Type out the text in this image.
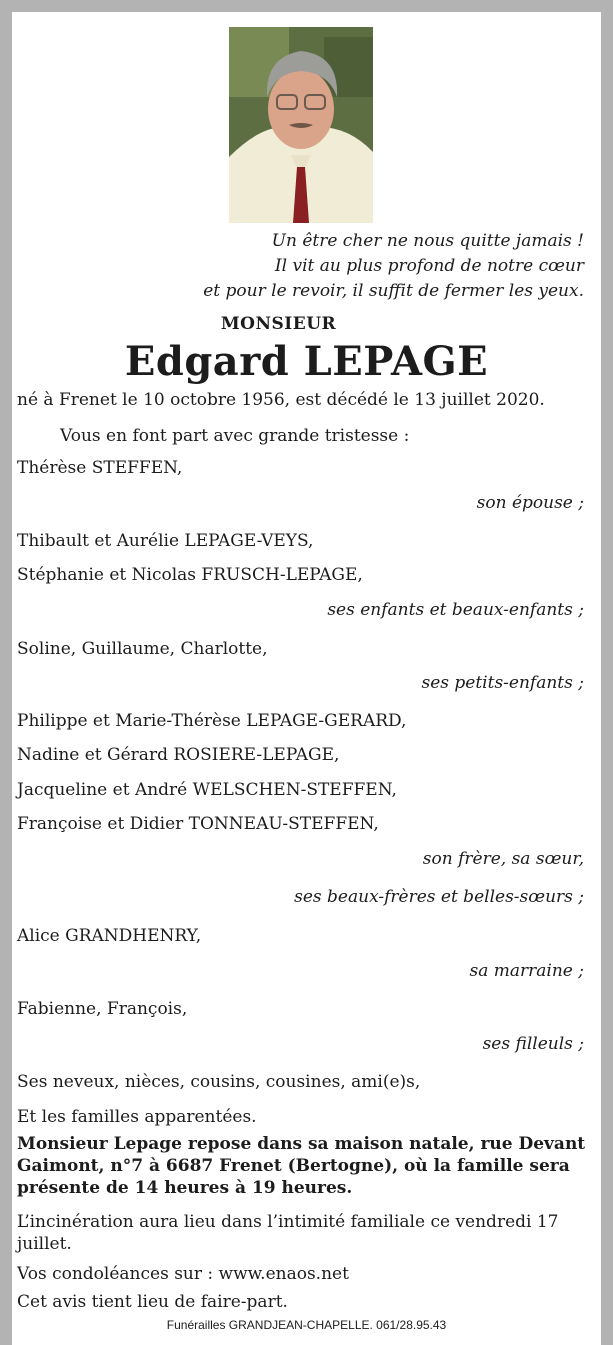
Un être cher ne nous quitte jamais !
Il vit au plus profond de notre cœur
et pour le revoir, il suffit de fermer les yeux.
MONSIEUR
Edgard LEPAGE
né à Frenet le 10 octobre 1956, est décédé le 13 juillet 2020.
Vous en font part avec grande tristesse :
Thérèse STEFFEN,
son épouse ;
Thibault et Aurélie LEPAGE-VEYS,
Stéphanie et Nicolas FRUSCH-LEPAGE,
ses enfants et beaux-enfants ;
Soline, Guillaume, Charlotte,
ses petits-enfants ;
Philippe et Marie-Thérèse LEPAGE-GERARD,
Nadine et Gérard ROSIERE-LEPAGE,
Jacqueline et André WELSCHEN-STEFFEN,
Françoise et Didier TONNEAU-STEFFEN,
son frère, sa sœur,
ses beaux-frères et belles-sœurs ;
Alice GRANDHENRY,
sa marraine ;
Fabienne, François,
ses filleuls ;
Ses neveux, nièces, cousins, cousines, ami(e)s,
Et les familles apparentées.
Monsieur Lepage repose dans sa maison natale, rue Devant Gaimont, n°7 à 6687 Frenet (Bertogne), où la famille sera présente de 14 heures à 19 heures.
L’incinération aura lieu dans l’intimité familiale ce vendredi 17 juillet.
Vos condoléances sur : www.enaos.net
Cet avis tient lieu de faire-part.
Funérailles GRANDJEAN-CHAPELLE. 061/28.95.43
